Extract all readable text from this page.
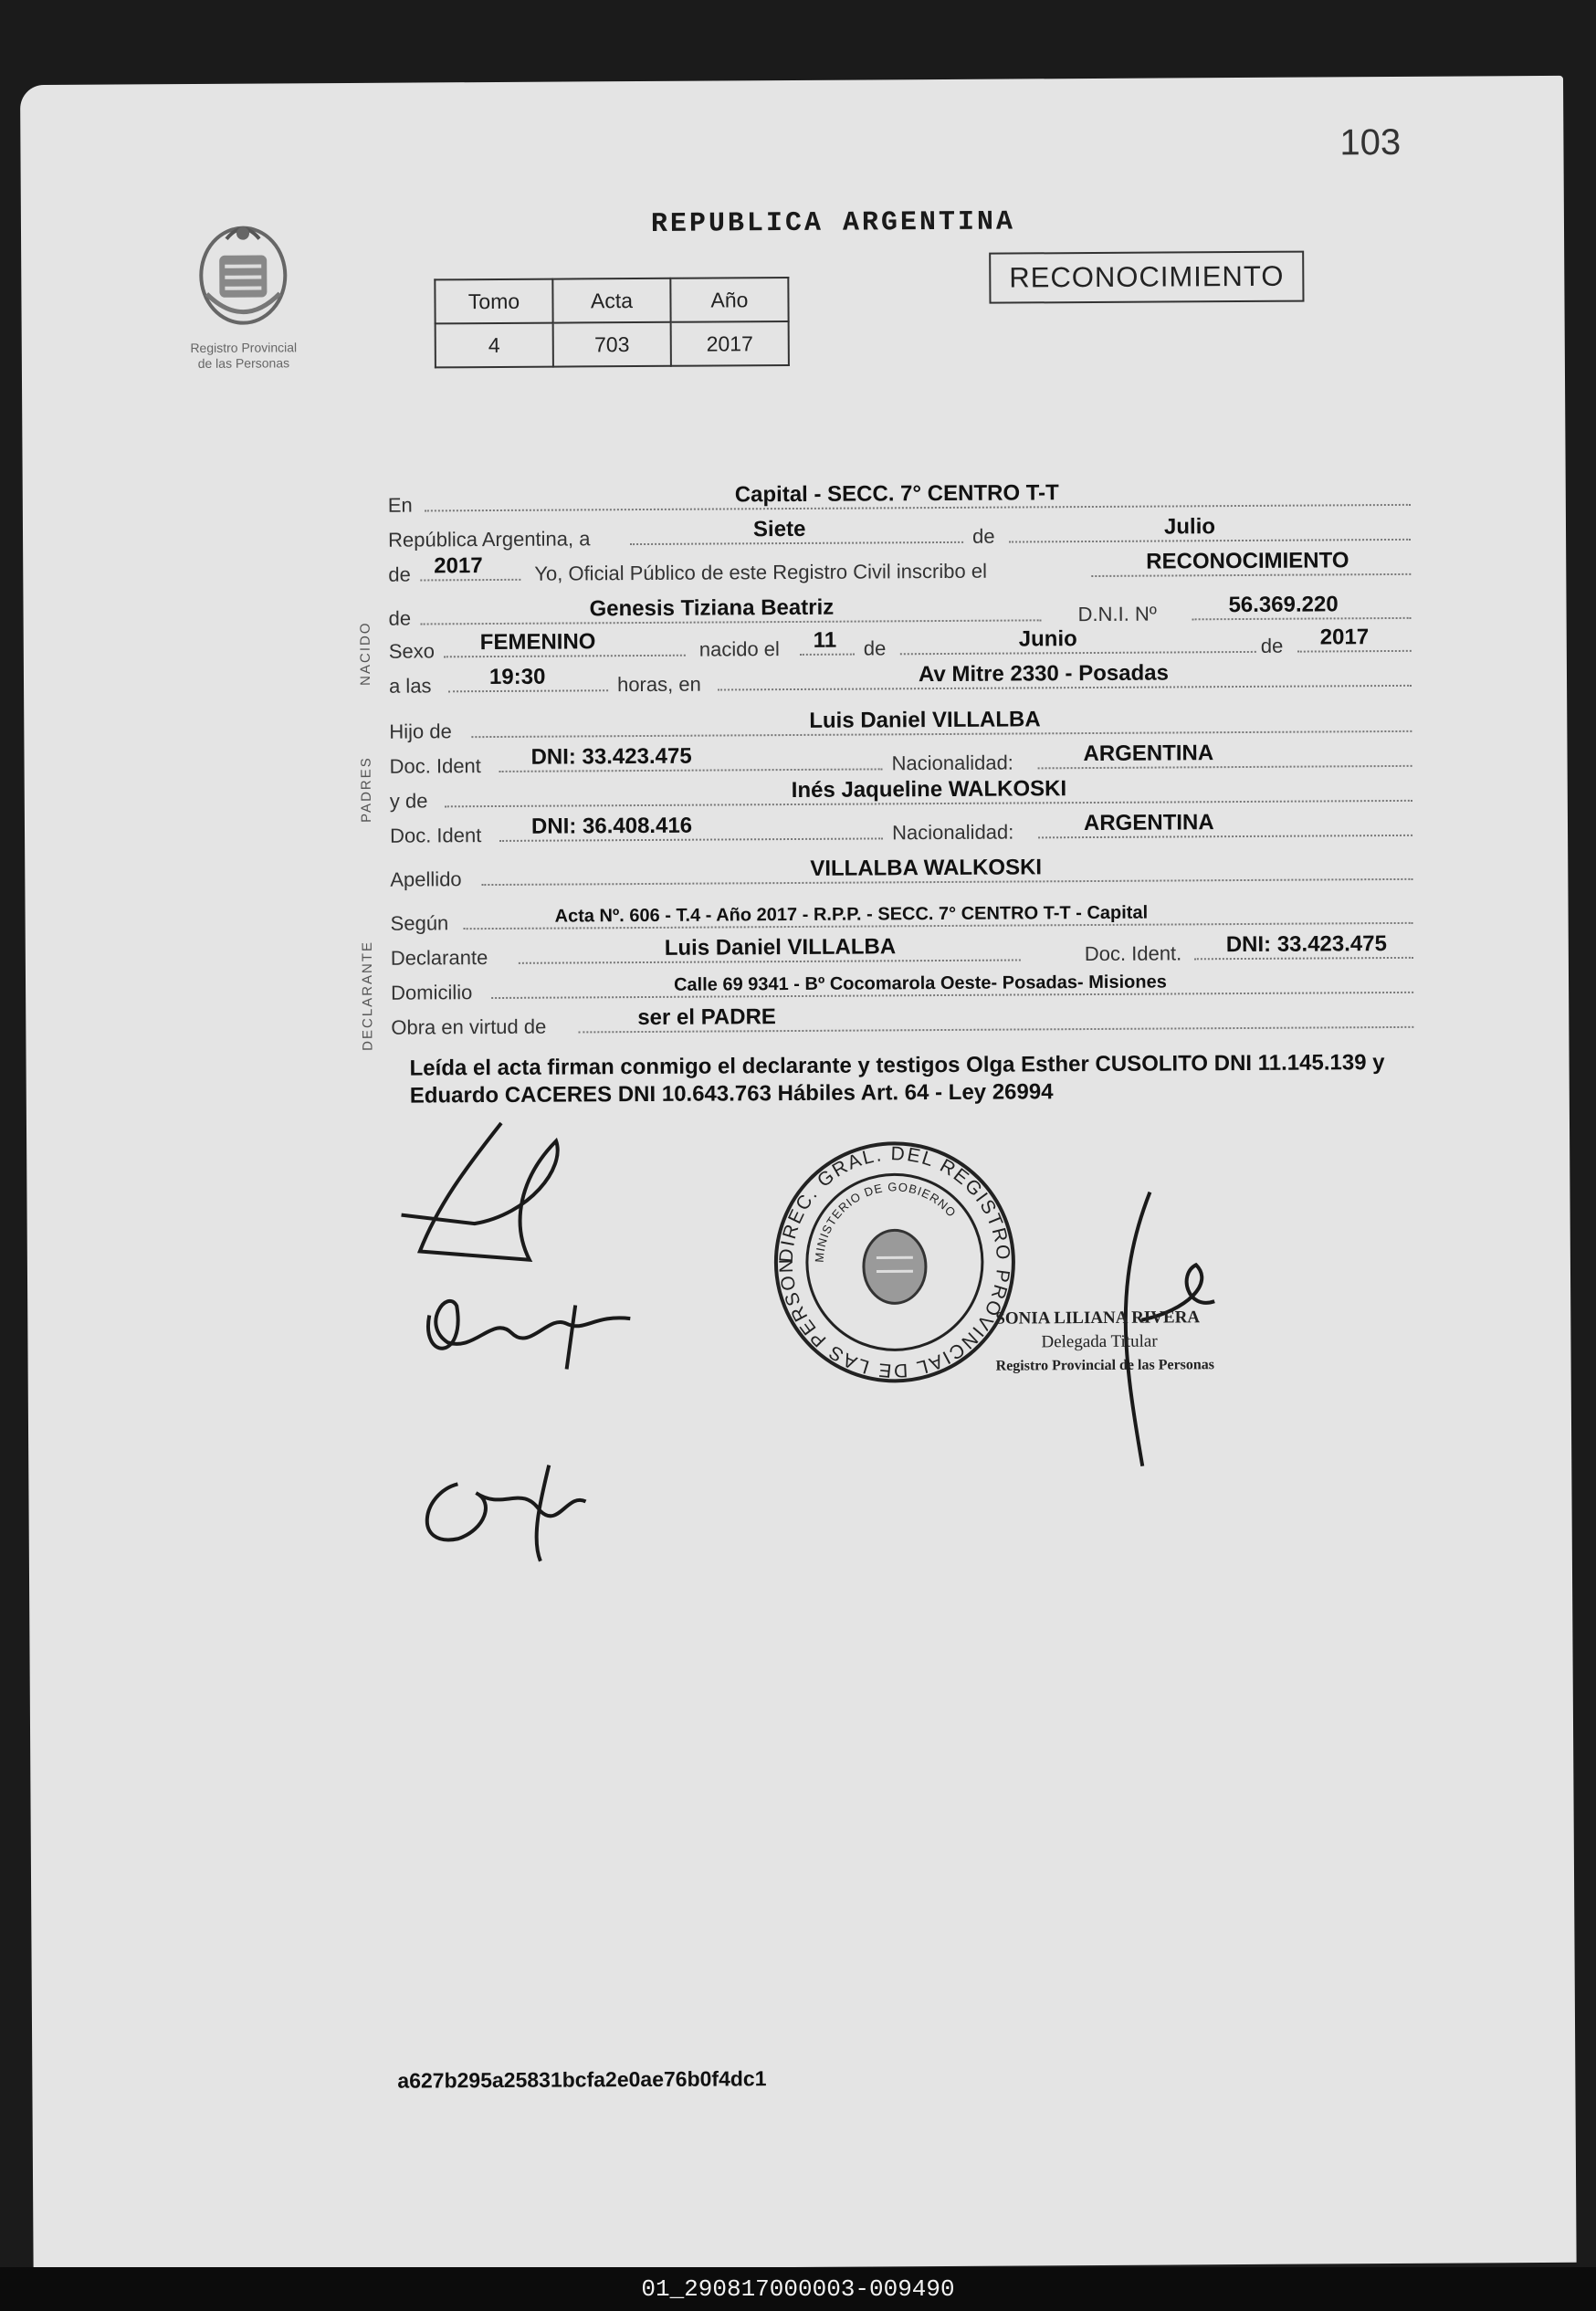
103
Registro Provincial
de las Personas
REPUBLICA ARGENTINA
Tomo	Acta	Año
4	703	2017
RECONOCIMIENTO
NACIDO
PADRES
DECLARANTE
En	Capital - SECC. 7° CENTRO T-T
República Argentina, a	Siete	de	Julio
de 2017	Yo, Oficial Público de este Registro Civil inscribo el	RECONOCIMIENTO
de	Genesis Tiziana Beatriz	D.N.I. Nº	56.369.220
Sexo FEMENINO	nacido el 11 de	Junio	de 2017
a las	19:30	horas, en	Av Mitre 2330 - Posadas
Hijo de	Luis Daniel VILLALBA
Doc. Ident DNI: 33.423.475	Nacionalidad:	ARGENTINA
y de	Inés Jaqueline WALKOSKI
Doc. Ident DNI: 36.408.416	Nacionalidad:	ARGENTINA
Apellido	VILLALBA WALKOSKI
Según	Acta Nº. 606 - T.4 - Año 2017 - R.P.P. - SECC. 7° CENTRO T-T - Capital
Declarante	Luis Daniel VILLALBA	Doc. Ident. DNI: 33.423.475
Domicilio	Calle 69 9341 - Bº Cocomarola Oeste- Posadas- Misiones
Obra en virtud de	ser el PADRE
Leída el acta firman conmigo el declarante y testigos Olga Esther CUSOLITO DNI 11.145.139 y Eduardo CACERES DNI 10.643.763 Hábiles Art. 64 - Ley 26994
DIREC. GRAL. DEL REGISTRO PROVINCIAL DE LAS PERSONAS
MINISTERIO DE GOBIERNO
SONIA LILIANA RIVERA
Delegada Titular
Registro Provincial de las Personas
a627b295a25831bcfa2e0ae76b0f4dc1
01_290817000003-009490
